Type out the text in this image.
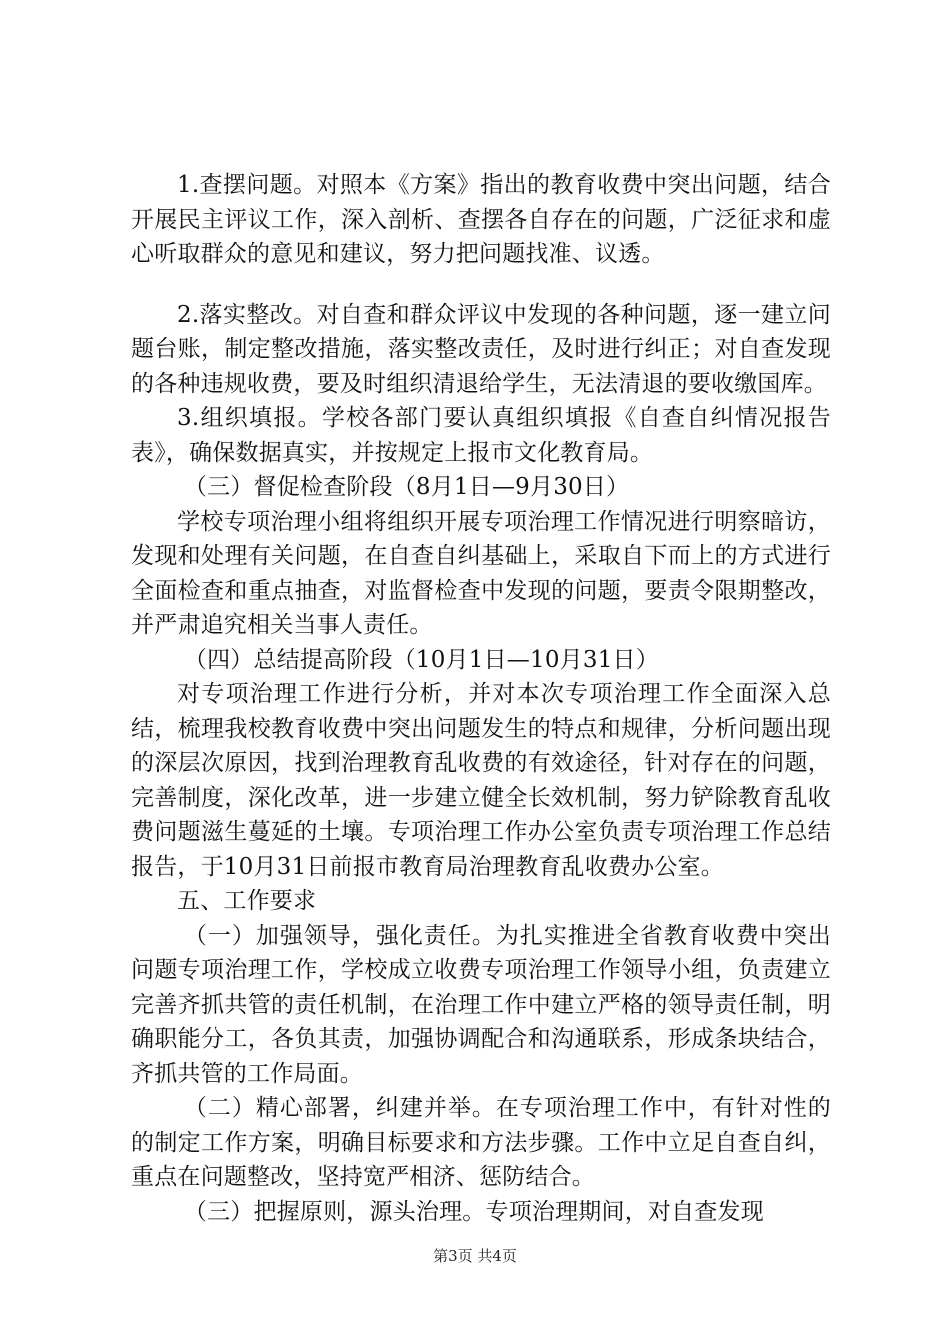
1.查摆问题。对照本《方案》指出的教育收费中突出问题，结合开展民主评议工作，深入剖析、查摆各自存在的问题，广泛征求和虚心听取群众的意见和建议，努力把问题找准、议透。

2.落实整改。对自查和群众评议中发现的各种问题，逐一建立问题台账，制定整改措施，落实整改责任，及时进行纠正；对自查发现的各种违规收费，要及时组织清退给学生，无法清退的要收缴国库。

3.组织填报。学校各部门要认真组织填报《自查自纠情况报告表》，确保数据真实，并按规定上报市文化教育局。

（三）督促检查阶段（8月1日—9月30日）

学校专项治理小组将组织开展专项治理工作情况进行明察暗访，发现和处理有关问题，在自查自纠基础上，采取自下而上的方式进行全面检查和重点抽查，对监督检查中发现的问题，要责令限期整改，并严肃追究相关当事人责任。

（四）总结提高阶段（10月1日—10月31日）

对专项治理工作进行分析，并对本次专项治理工作全面深入总结，梳理我校教育收费中突出问题发生的特点和规律，分析问题出现的深层次原因，找到治理教育乱收费的有效途径，针对存在的问题，完善制度，深化改革，进一步建立健全长效机制，努力铲除教育乱收费问题滋生蔓延的土壤。专项治理工作办公室负责专项治理工作总结报告，于10月31日前报市教育局治理教育乱收费办公室。

五、工作要求

（一）加强领导，强化责任。为扎实推进全省教育收费中突出问题专项治理工作，学校成立收费专项治理工作领导小组，负责建立完善齐抓共管的责任机制，在治理工作中建立严格的领导责任制，明确职能分工，各负其责，加强协调配合和沟通联系，形成条块结合，齐抓共管的工作局面。

（二）精心部署，纠建并举。在专项治理工作中，有针对性的的制定工作方案，明确目标要求和方法步骤。工作中立足自查自纠，重点在问题整改，坚持宽严相济、惩防结合。

（三）把握原则，源头治理。专项治理期间，对自查发现

第3页 共4页
